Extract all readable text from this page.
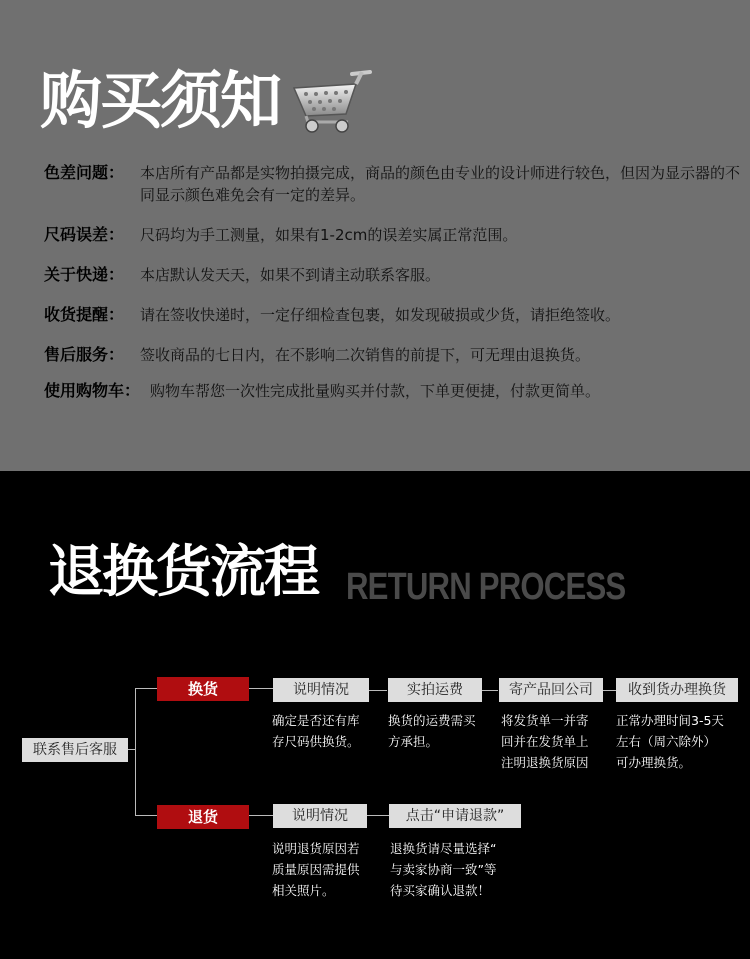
购买须知
色差问题： 本店所有产品都是实物拍摄完成，商品的颜色由专业的设计师进行较色，但因为显示器的不同显示颜色难免会有一定的差异。
尺码误差： 尺码均为手工测量，如果有1-2cm的误差实属正常范围。
关于快递： 本店默认发天天，如果不到请主动联系客服。
收货提醒： 请在签收快递时，一定仔细检查包裹，如发现破损或少货，请拒绝签收。
售后服务： 签收商品的七日内，在不影响二次销售的前提下，可无理由退换货。
使用购物车： 购物车帮您一次性完成批量购买并付款，下单更便捷，付款更简单。
退换货流程 RETURN PROCESS
联系售后客服
换货	说明情况	实拍运费	寄产品回公司	收到货办理换货
确定是否还有库
存尺码供换货。
换货的运费需买
方承担。
将发货单一并寄
回并在发货单上
注明退换货原因
正常办理时间3-5天
左右（周六除外）
可办理换货。
退货	说明情况	点击“申请退款”
说明退货原因若
质量原因需提供
相关照片。
退换货请尽量选择“
与卖家协商一致”等
待买家确认退款！
